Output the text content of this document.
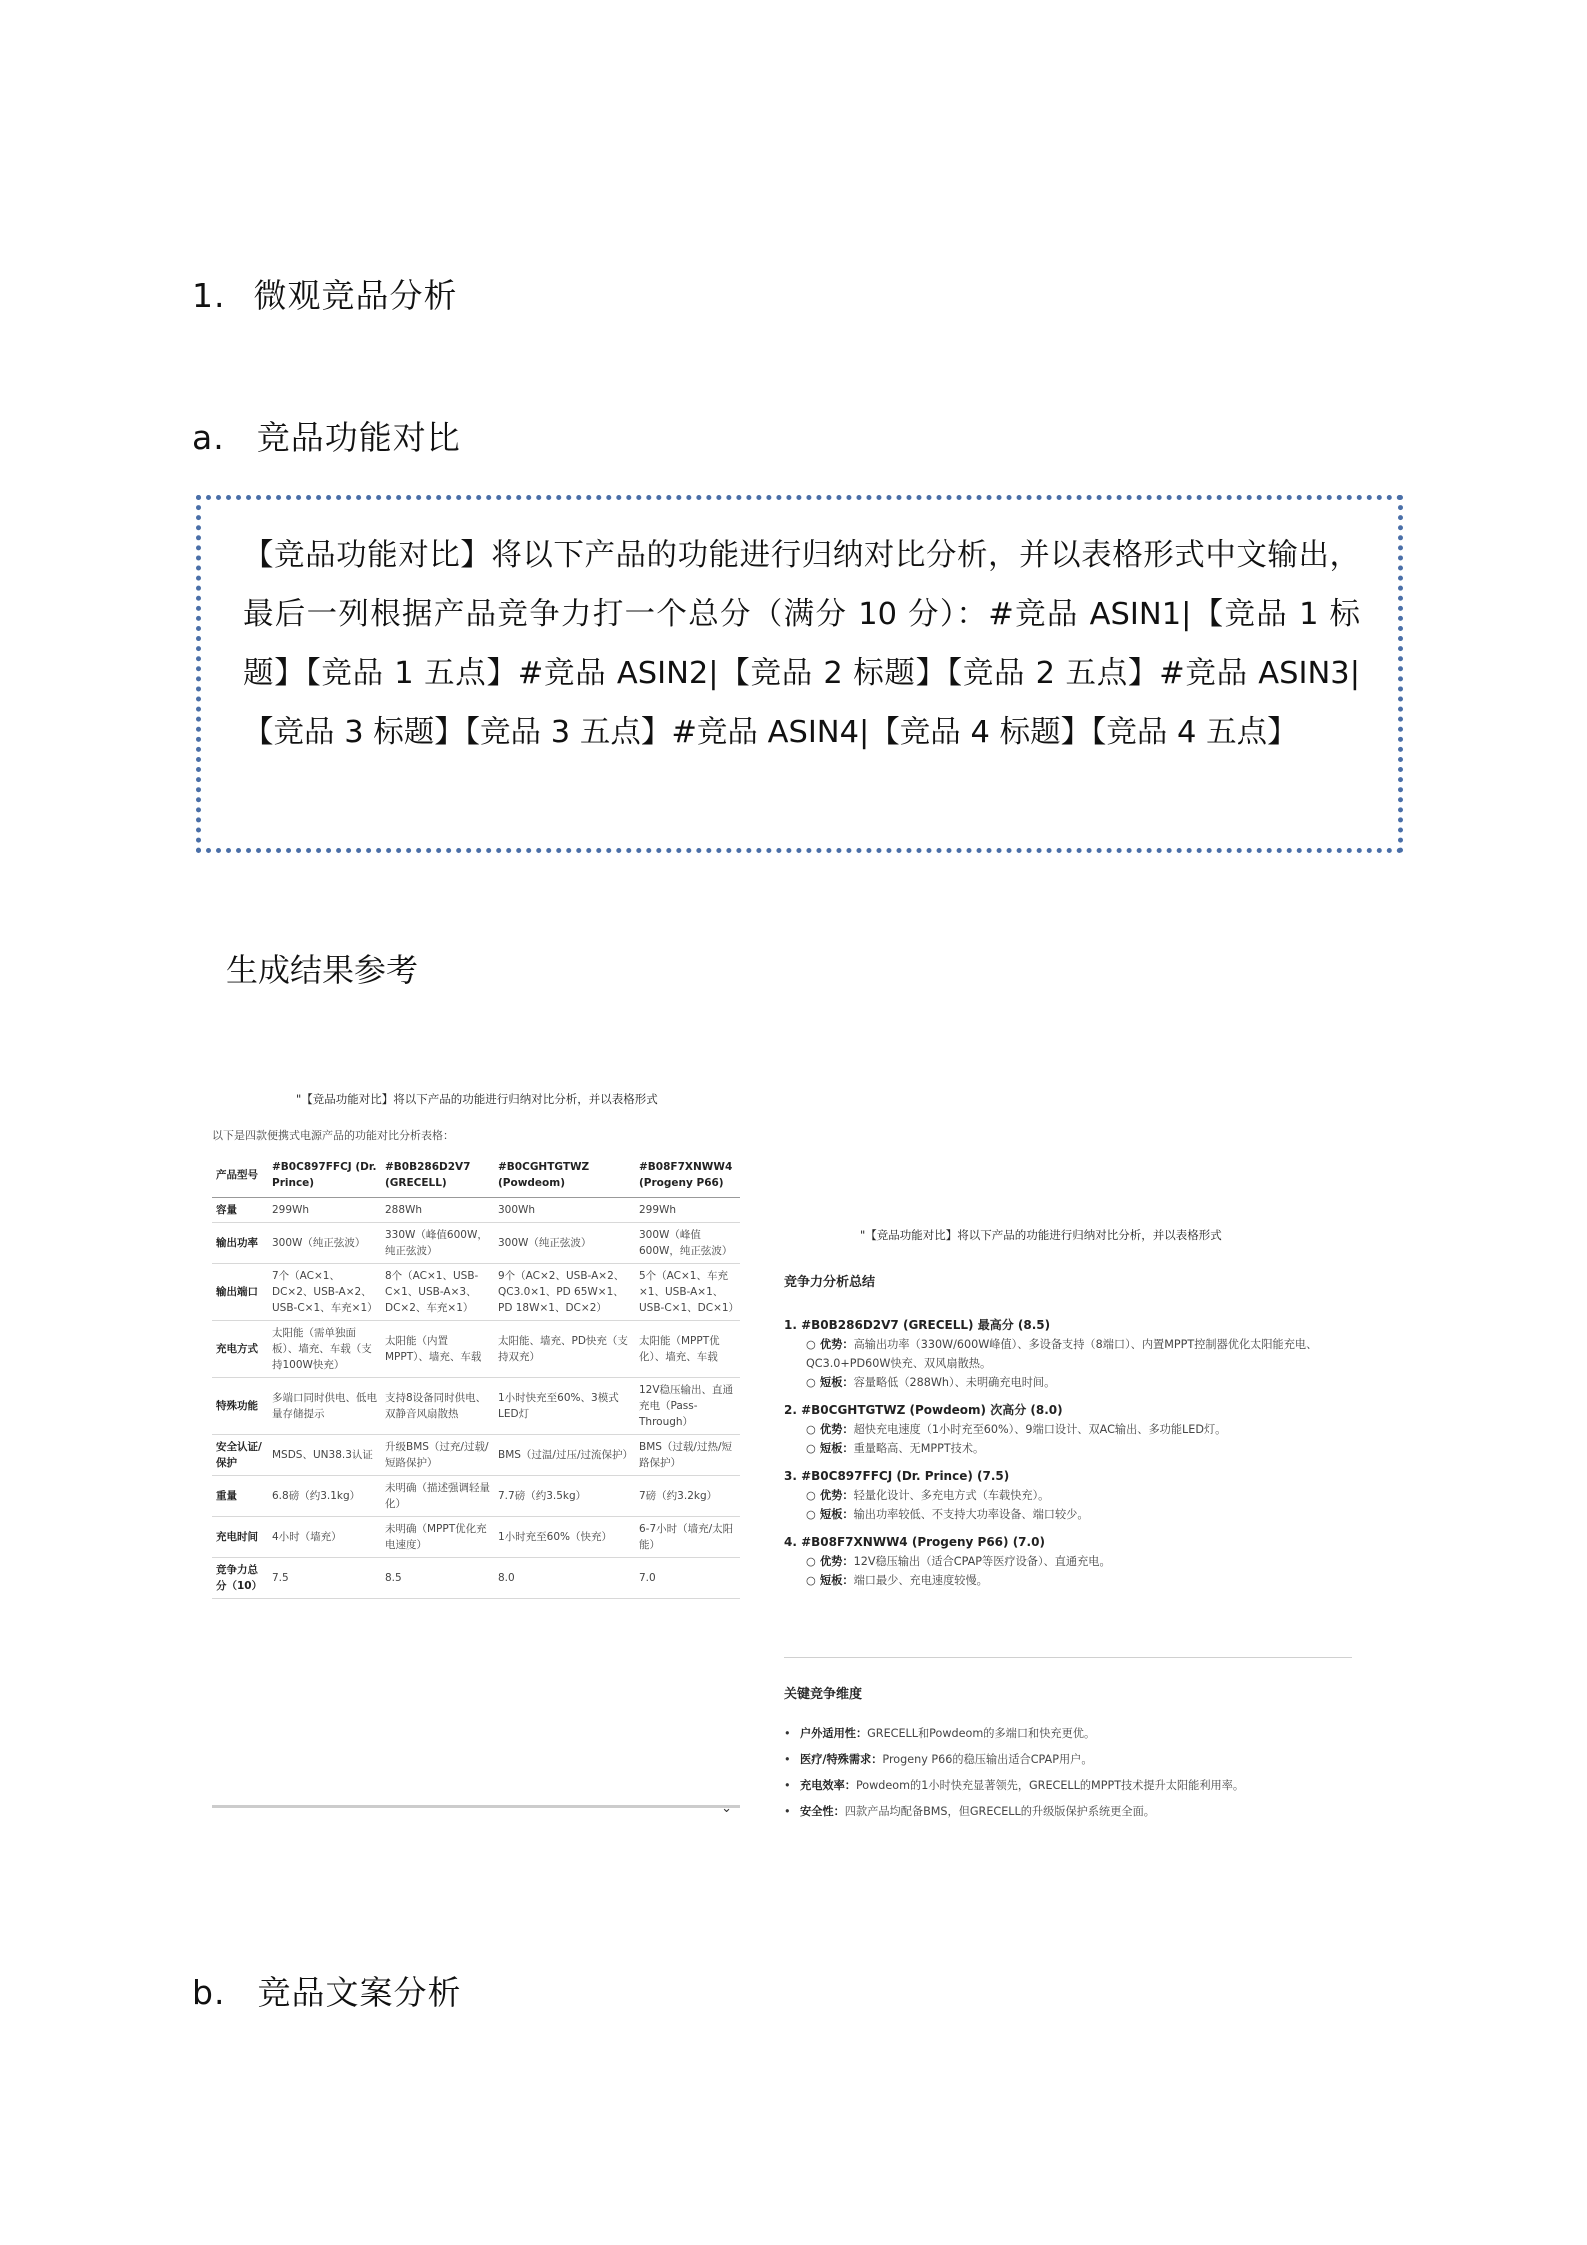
1. 微观竞品分析
a. 竞品功能对比
【竞品功能对比】将以下产品的功能进行归纳对比分析，并以表格形式中文输出，最后一列根据产品竞争力打一个总分（满分 10 分）：#竞品 ASIN1|【竞品 1 标题】【竞品 1 五点】#竞品 ASIN2|【竞品 2 标题】【竞品 2 五点】#竞品 ASIN3|【竞品 3 标题】【竞品 3 五点】#竞品 ASIN4|【竞品 4 标题】【竞品 4 五点】
生成结果参考
"【竞品功能对比】将以下产品的功能进行归纳对比分析，并以表格形式
以下是四款便携式电源产品的功能对比分析表格：
产品型号	#B0C897FFCJ (Dr. Prince)	#B0B286D2V7 (GRECELL)	#B0CGHTGTWZ (Powdeom)	#B08F7XNWW4 (Progeny P66)
容量	299Wh	288Wh	300Wh	299Wh
输出功率	300W（纯正弦波）	330W（峰值600W，纯正弦波）	300W（纯正弦波）	300W（峰值600W，纯正弦波）
输出端口	7个（AC×1、DC×2、USB-A×2、USB-C×1、车充×1）	8个（AC×1、USB-C×1、USB-A×3、DC×2、车充×1）	9个（AC×2、USB-A×2、QC3.0×1、PD 65W×1、PD 18W×1、DC×2）	5个（AC×1、车充×1、USB-A×1、USB-C×1、DC×1）
充电方式	太阳能（需单独面板）、墙充、车载（支持100W快充）	太阳能（内置MPPT）、墙充、车载	太阳能、墙充、PD快充（支持双充）	太阳能（MPPT优化）、墙充、车载
特殊功能	多端口同时供电、低电量存储提示	支持8设备同时供电、双静音风扇散热	1小时快充至60%、3模式LED灯	12V稳压输出、直通充电（Pass-Through）
安全认证/保护	MSDS、UN38.3认证	升级BMS（过充/过载/短路保护）	BMS（过温/过压/过流保护）	BMS（过载/过热/短路保护）
重量	6.8磅（约3.1kg）	未明确（描述强调轻量化）	7.7磅（约3.5kg）	7磅（约3.2kg）
充电时间	4小时（墙充）	未明确（MPPT优化充电速度）	1小时充至60%（快充）	6-7小时（墙充/太阳能）
竞争力总分（10）	7.5	8.5	8.0	7.0
⌄
"【竞品功能对比】将以下产品的功能进行归纳对比分析，并以表格形式
竞争力分析总结
1. #B0B286D2V7 (GRECELL) 最高分 (8.5)
○ 优势：高输出功率（330W/600W峰值）、多设备支持（8端口）、内置MPPT控制器优化太阳能充电、QC3.0+PD60W快充、双风扇散热。
○ 短板：容量略低（288Wh）、未明确充电时间。
2. #B0CGHTGTWZ (Powdeom) 次高分 (8.0)
○ 优势：超快充电速度（1小时充至60%）、9端口设计、双AC输出、多功能LED灯。
○ 短板：重量略高、无MPPT技术。
3. #B0C897FFCJ (Dr. Prince) (7.5)
○ 优势：轻量化设计、多充电方式（车载快充）。
○ 短板：输出功率较低、不支持大功率设备、端口较少。
4. #B08F7XNWW4 (Progeny P66) (7.0)
○ 优势：12V稳压输出（适合CPAP等医疗设备）、直通充电。
○ 短板：端口最少、充电速度较慢。
关键竞争维度
• 户外适用性：GRECELL和Powdeom的多端口和快充更优。
• 医疗/特殊需求：Progeny P66的稳压输出适合CPAP用户。
• 充电效率：Powdeom的1小时快充显著领先，GRECELL的MPPT技术提升太阳能利用率。
• 安全性：四款产品均配备BMS，但GRECELL的升级版保护系统更全面。
b. 竞品文案分析
